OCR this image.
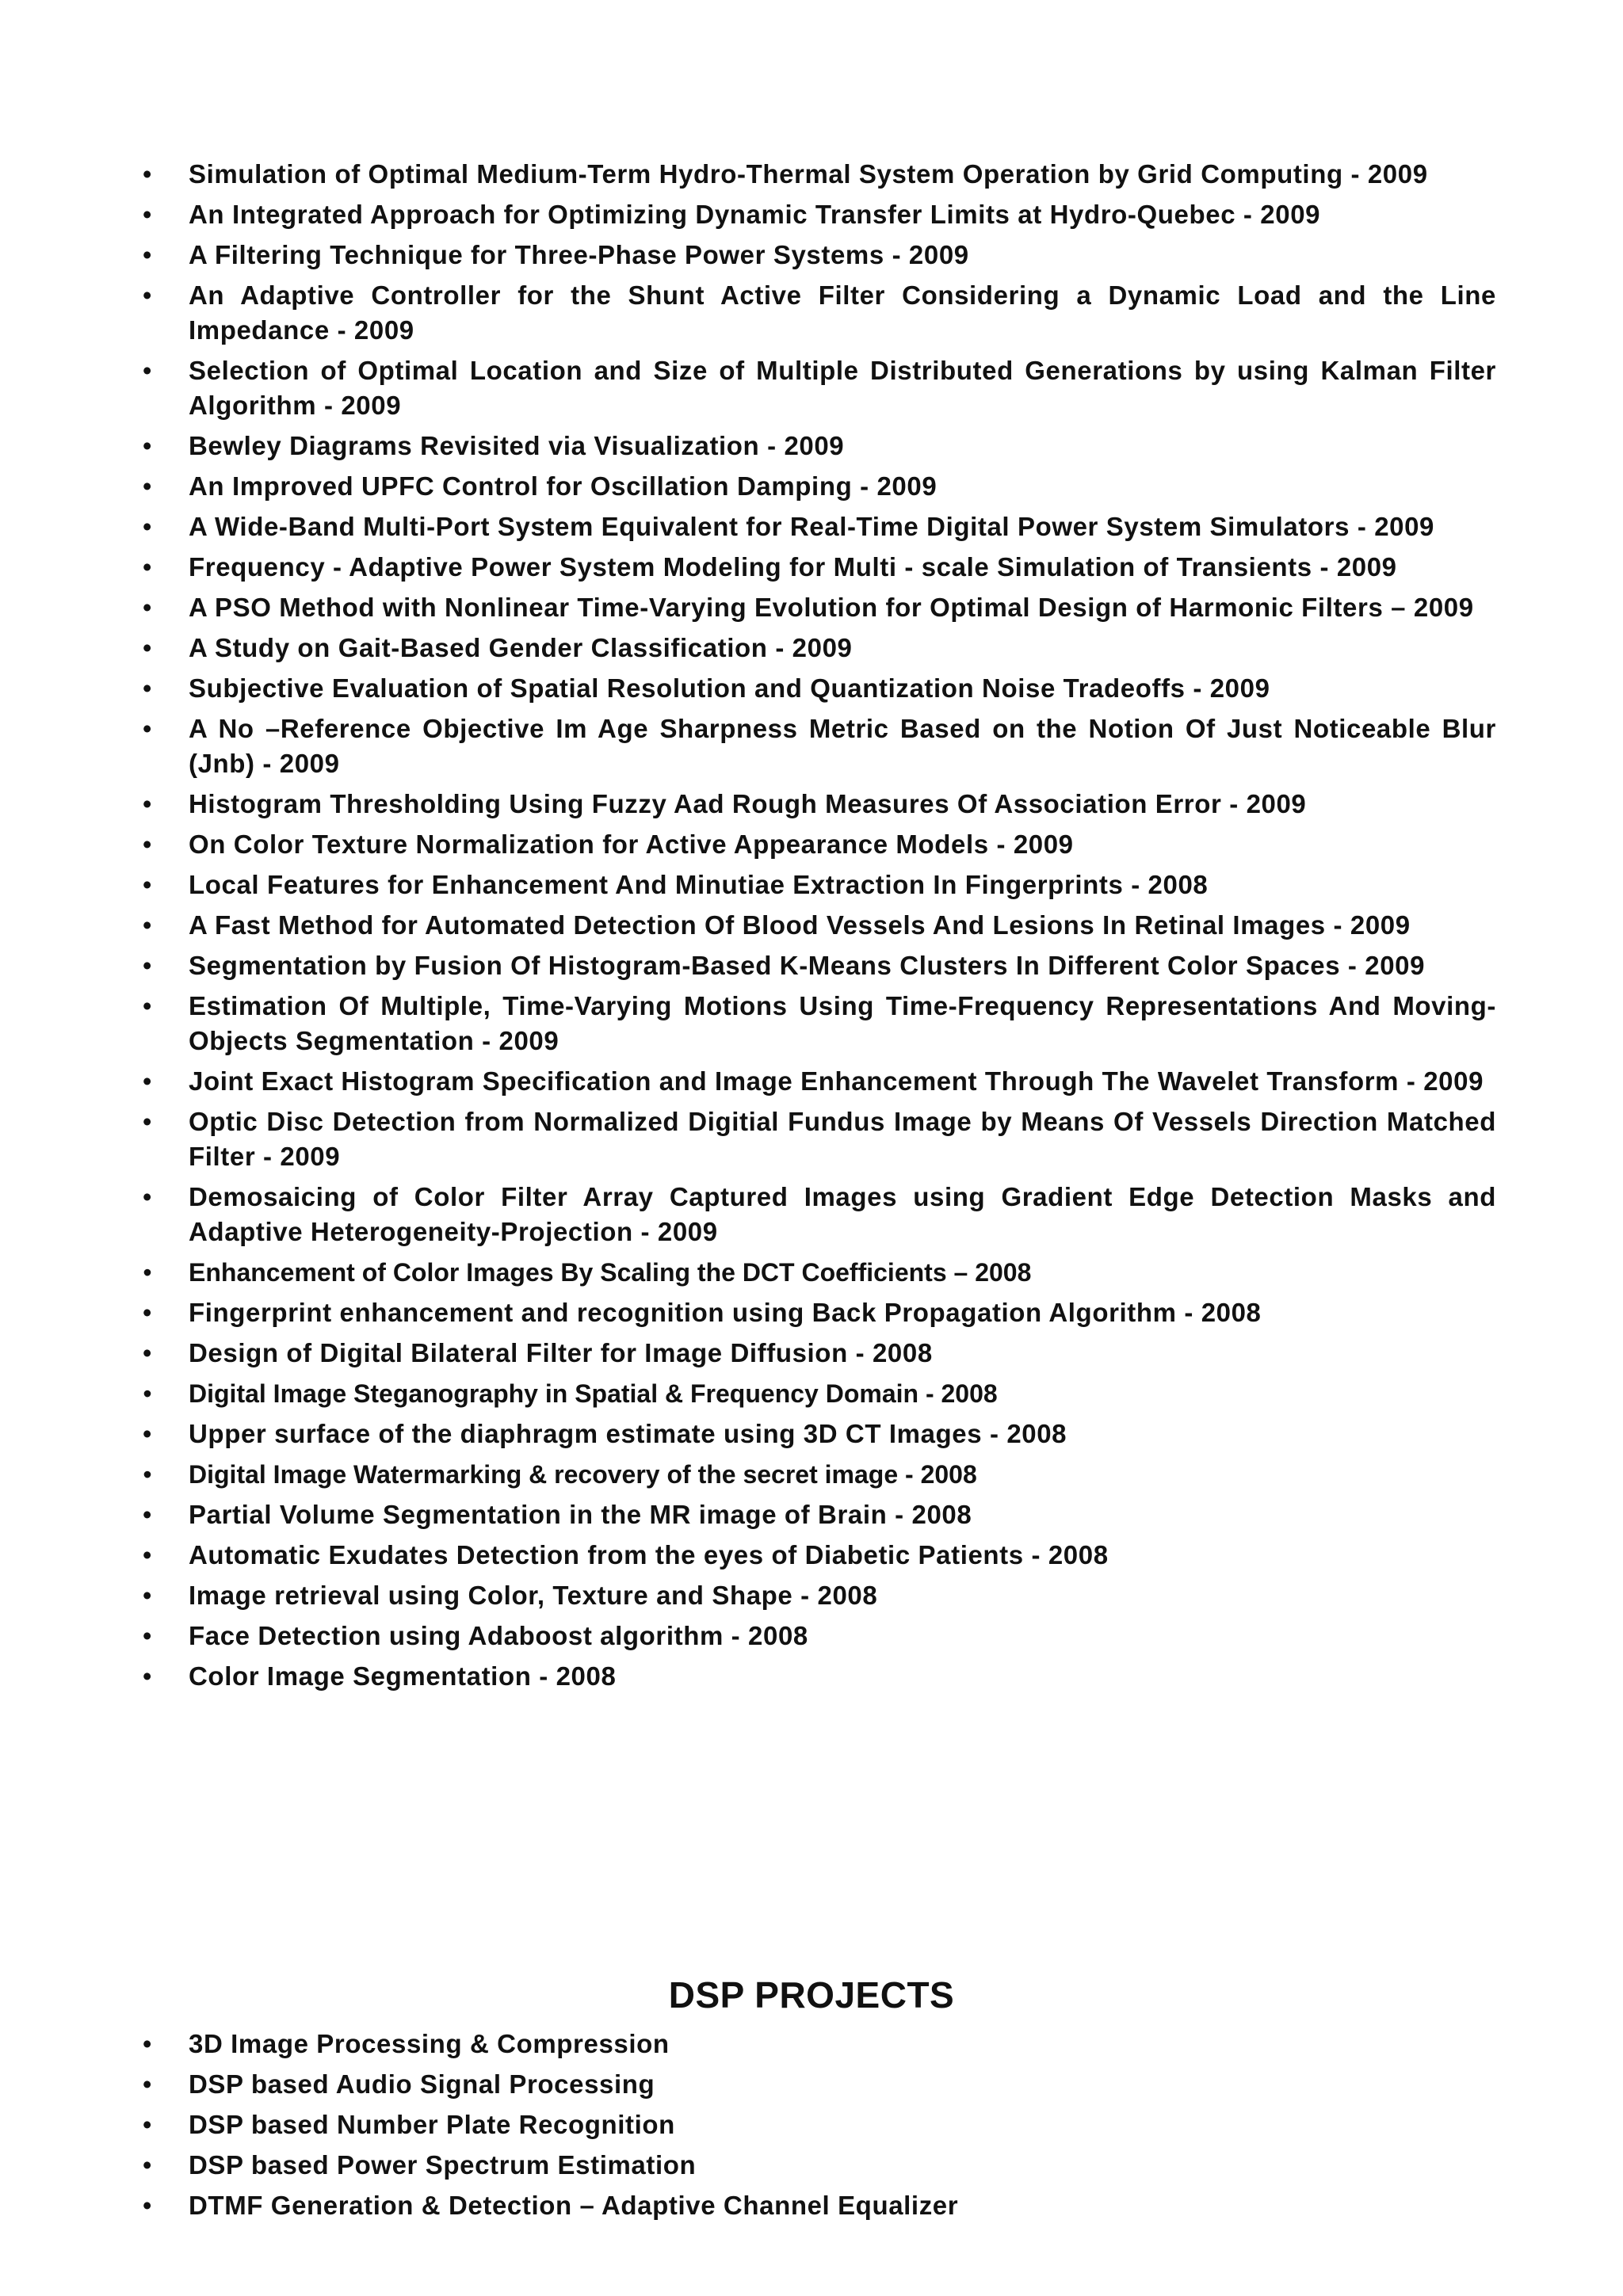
• Simulation of Optimal Medium-Term Hydro-Thermal System Operation by Grid Computing - 2009
• An Integrated Approach for Optimizing Dynamic Transfer Limits at Hydro-Quebec - 2009
• A Filtering Technique for Three-Phase Power Systems - 2009
• An Adaptive Controller for the Shunt Active Filter Considering a Dynamic Load and the Line Impedance - 2009
• Selection of Optimal Location and Size of Multiple Distributed Generations by using Kalman Filter Algorithm - 2009
• Bewley Diagrams Revisited via Visualization - 2009
• An Improved UPFC Control for Oscillation Damping - 2009
• A Wide-Band Multi-Port System Equivalent for Real-Time Digital Power System Simulators - 2009
• Frequency - Adaptive Power System Modeling for Multi - scale Simulation of Transients - 2009
• A PSO Method with Nonlinear Time-Varying Evolution for Optimal Design of Harmonic Filters – 2009
• A Study on Gait-Based Gender Classification - 2009
• Subjective Evaluation of Spatial Resolution and Quantization Noise Tradeoffs - 2009
• A No –Reference Objective Im Age Sharpness Metric Based on the Notion Of Just Noticeable Blur (Jnb) - 2009
• Histogram Thresholding Using Fuzzy Aad Rough Measures Of Association Error - 2009
• On Color Texture Normalization for Active Appearance Models - 2009
• Local Features for Enhancement And Minutiae Extraction In Fingerprints - 2008
• A Fast Method for Automated Detection Of Blood Vessels And Lesions In Retinal Images - 2009
• Segmentation by Fusion Of Histogram-Based K-Means Clusters In Different Color Spaces - 2009
• Estimation Of Multiple, Time-Varying Motions Using Time-Frequency Representations And Moving-Objects Segmentation - 2009
• Joint Exact Histogram Specification and Image Enhancement Through The Wavelet Transform - 2009
• Optic Disc Detection from Normalized Digitial Fundus Image by Means Of Vessels Direction Matched Filter - 2009
• Demosaicing of Color Filter Array Captured Images using Gradient Edge Detection Masks and Adaptive Heterogeneity-Projection - 2009
• Enhancement of Color Images By Scaling the DCT Coefficients – 2008
• Fingerprint enhancement and recognition using Back Propagation Algorithm - 2008
• Design of Digital Bilateral Filter for Image Diffusion - 2008
• Digital Image Steganography in Spatial & Frequency Domain - 2008
• Upper surface of the diaphragm estimate using 3D CT Images - 2008
• Digital Image Watermarking & recovery of the secret image - 2008
• Partial Volume Segmentation in the MR image of Brain - 2008
• Automatic Exudates Detection from the eyes of Diabetic Patients - 2008
• Image retrieval using Color, Texture and Shape - 2008
• Face Detection using Adaboost algorithm - 2008
• Color Image Segmentation - 2008
DSP PROJECTS
• 3D Image Processing & Compression
• DSP based Audio Signal Processing
• DSP based Number Plate Recognition
• DSP based Power Spectrum Estimation
• DTMF Generation & Detection – Adaptive Channel Equalizer
